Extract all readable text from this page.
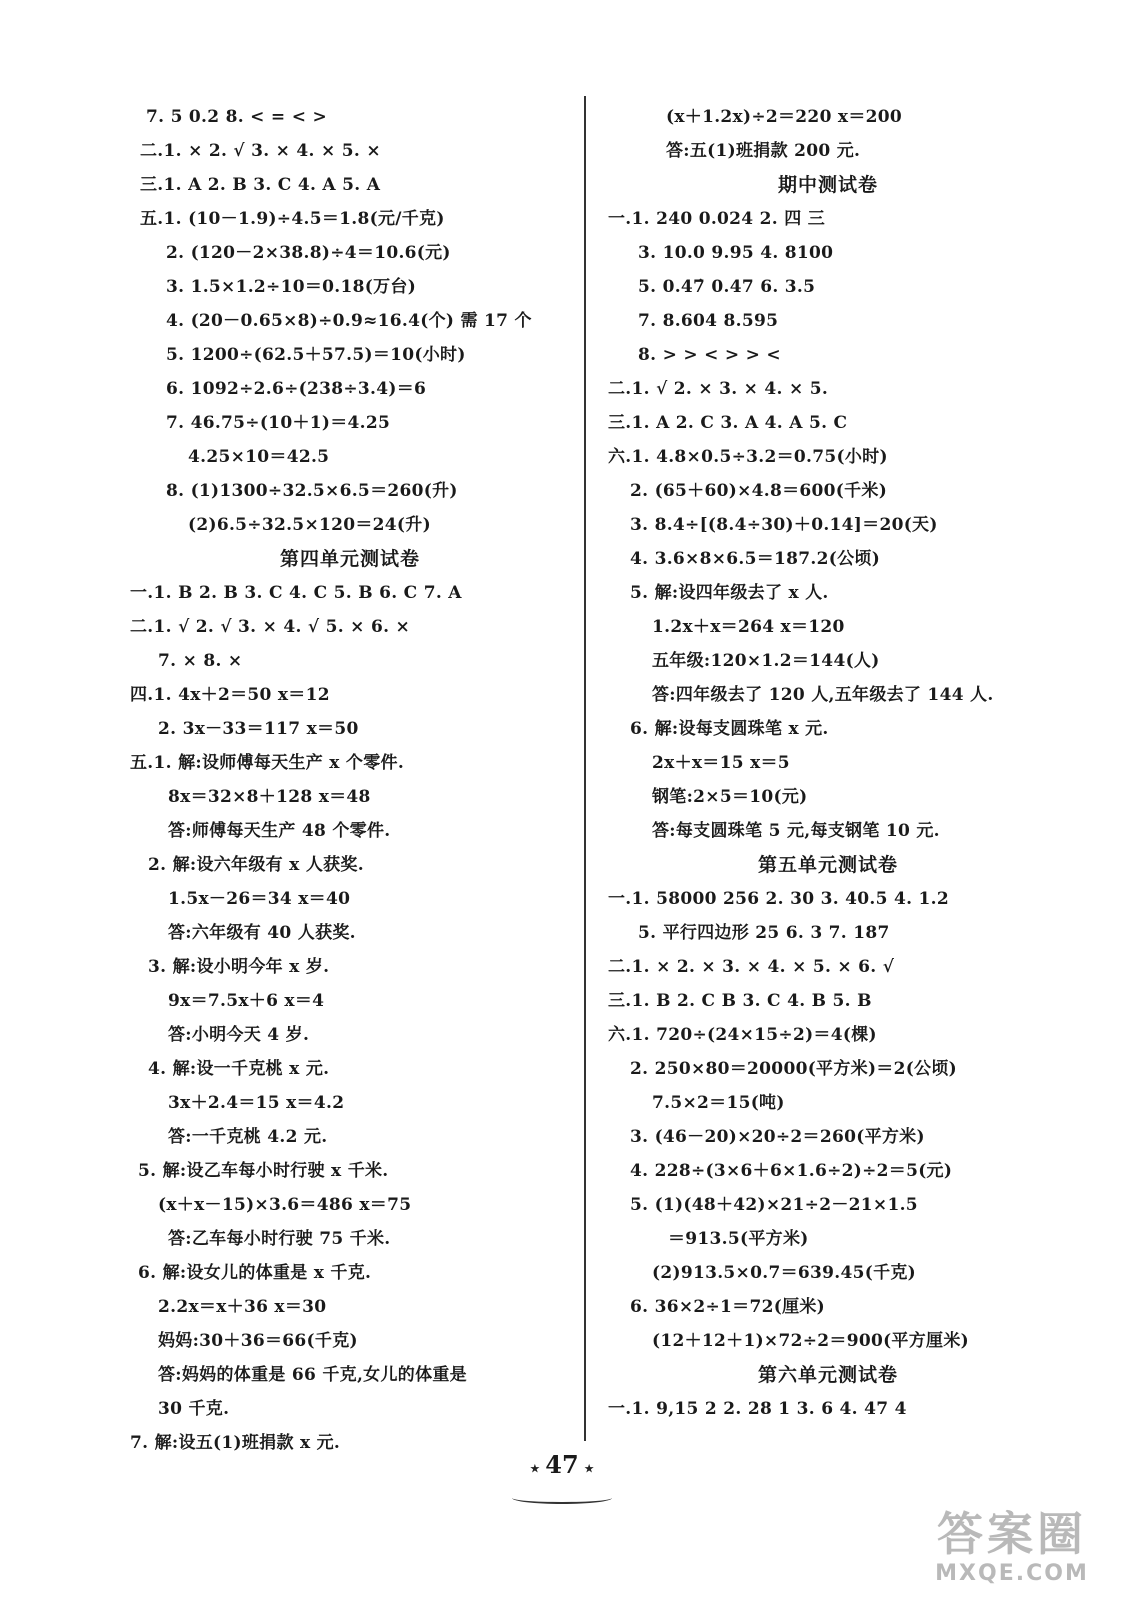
7. 5 0.2 8. < = < >
二.1. × 2. √ 3. × 4. × 5. ×
三.1. A 2. B 3. C 4. A 5. A
五.1. (10－1.9)÷4.5＝1.8(元/千克)
2. (120－2×38.8)÷4＝10.6(元)
3. 1.5×1.2÷10＝0.18(万台)
4. (20－0.65×8)÷0.9≈16.4(个) 需 17 个
5. 1200÷(62.5＋57.5)＝10(小时)
6. 1092÷2.6÷(238÷3.4)＝6
7. 46.75÷(10＋1)＝4.25
4.25×10＝42.5
8. (1)1300÷32.5×6.5＝260(升)
(2)6.5÷32.5×120＝24(升)
第四单元测试卷
一.1. B 2. B 3. C 4. C 5. B 6. C 7. A
二.1. √ 2. √ 3. × 4. √ 5. × 6. ×
7. × 8. ×
四.1. 4x＋2＝50 x＝12
2. 3x－33＝117 x＝50
五.1. 解:设师傅每天生产 x 个零件.
8x＝32×8＋128 x＝48
答:师傅每天生产 48 个零件.
2. 解:设六年级有 x 人获奖.
1.5x－26＝34 x＝40
答:六年级有 40 人获奖.
3. 解:设小明今年 x 岁.
9x＝7.5x＋6 x＝4
答:小明今天 4 岁.
4. 解:设一千克桃 x 元.
3x＋2.4＝15 x＝4.2
答:一千克桃 4.2 元.
5. 解:设乙车每小时行驶 x 千米.
(x＋x－15)×3.6＝486 x＝75
答:乙车每小时行驶 75 千米.
6. 解:设女儿的体重是 x 千克.
2.2x＝x＋36 x＝30
妈妈:30＋36＝66(千克)
答:妈妈的体重是 66 千克,女儿的体重是
30 千克.
7. 解:设五(1)班捐款 x 元.
(x＋1.2x)÷2＝220 x＝200
答:五(1)班捐款 200 元.
期中测试卷
一.1. 240 0.024 2. 四 三
3. 10.0 9.95 4. 8100
5. 0.47̇ 0.47 6. 3.5
7. 8.604 8.595
8. > > < > > <
二.1. √ 2. × 3. × 4. × 5.
三.1. A 2. C 3. A 4. A 5. C
六.1. 4.8×0.5÷3.2＝0.75(小时)
2. (65＋60)×4.8＝600(千米)
3. 8.4÷[(8.4÷30)＋0.14]＝20(天)
4. 3.6×8×6.5＝187.2(公顷)
5. 解:设四年级去了 x 人.
1.2x＋x＝264 x＝120
五年级:120×1.2＝144(人)
答:四年级去了 120 人,五年级去了 144 人.
6. 解:设每支圆珠笔 x 元.
2x＋x＝15 x＝5
钢笔:2×5＝10(元)
答:每支圆珠笔 5 元,每支钢笔 10 元.
第五单元测试卷
一.1. 58000 256 2. 30 3. 40.5 4. 1.2
5. 平行四边形 25 6. 3 7. 187
二.1. × 2. × 3. × 4. × 5. × 6. √
三.1. B 2. C B 3. C 4. B 5. B
六.1. 720÷(24×15÷2)＝4(棵)
2. 250×80＝20000(平方米)＝2(公顷)
7.5×2＝15(吨)
3. (46－20)×20÷2＝260(平方米)
4. 228÷(3×6＋6×1.6÷2)÷2＝5(元)
5. (1)(48＋42)×21÷2－21×1.5
＝913.5(平方米)
(2)913.5×0.7＝639.45(千克)
6. 36×2÷1＝72(厘米)
(12＋12＋1)×72÷2＝900(平方厘米)
第六单元测试卷
一.1. 9,15 2 2. 28 1 3. 6 4. 47 4
★ 47 ★
答案圈
MXQE.COM
